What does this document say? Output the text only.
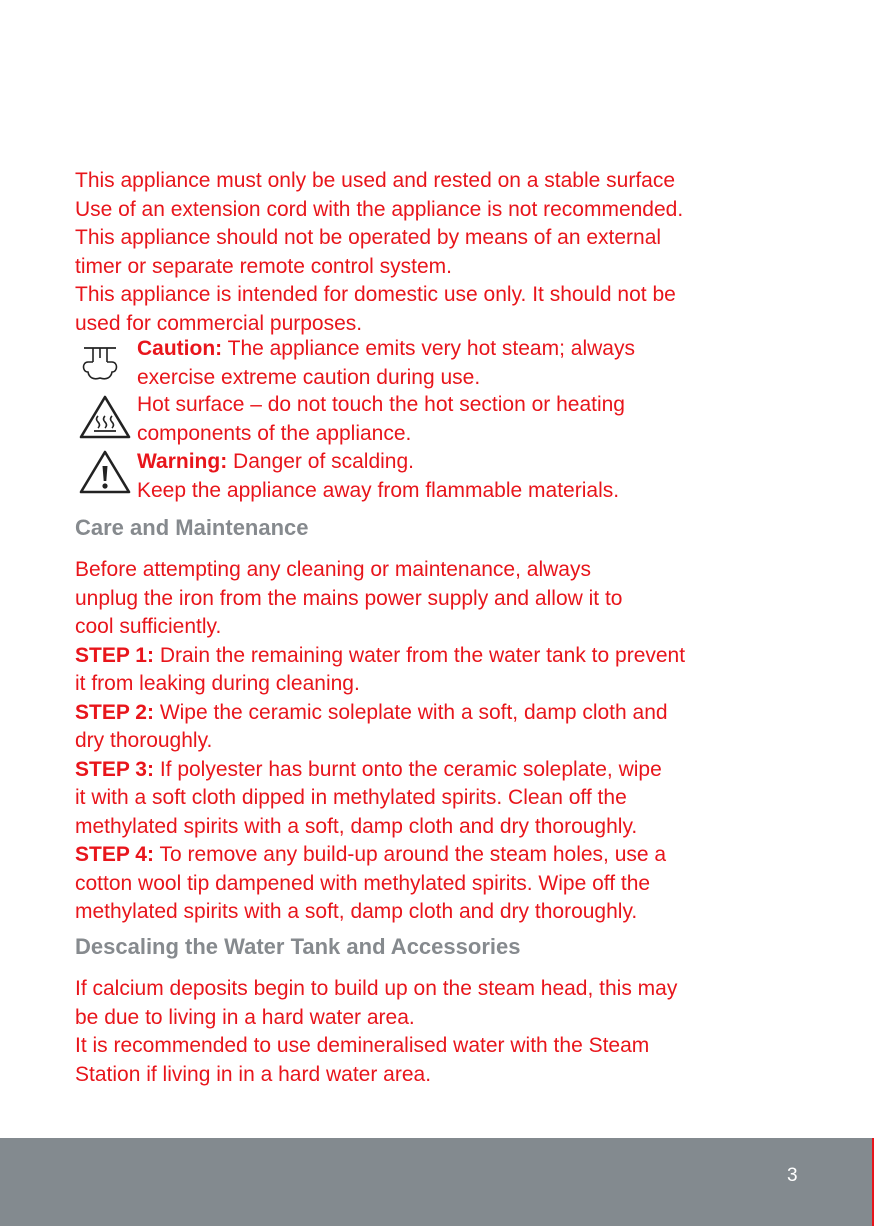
This appliance must only be used and rested on a stable surface
Use of an extension cord with the appliance is not recommended.
This appliance should not be operated by means of an external
timer or separate remote control system.
This appliance is intended for domestic use only. It should not be
used for commercial purposes.
Caution: The appliance emits very hot steam; always
exercise extreme caution during use.
Hot surface – do not touch the hot section or heating
components of the appliance.
Warning: Danger of scalding.
Keep the appliance away from flammable materials.
Care and Maintenance
Before attempting any cleaning or maintenance, always
unplug the iron from the mains power supply and allow it to
cool sufficiently.
STEP 1: Drain the remaining water from the water tank to prevent
it from leaking during cleaning.
STEP 2: Wipe the ceramic soleplate with a soft, damp cloth and
dry thoroughly.
STEP 3: If polyester has burnt onto the ceramic soleplate, wipe
it with a soft cloth dipped in methylated spirits. Clean off the
methylated spirits with a soft, damp cloth and dry thoroughly.
STEP 4: To remove any build-up around the steam holes, use a
cotton wool tip dampened with methylated spirits. Wipe off the
methylated spirits with a soft, damp cloth and dry thoroughly.
Descaling the Water Tank and Accessories
If calcium deposits begin to build up on the steam head, this may
be due to living in a hard water area.
It is recommended to use demineralised water with the Steam
Station if living in in a hard water area.
3
